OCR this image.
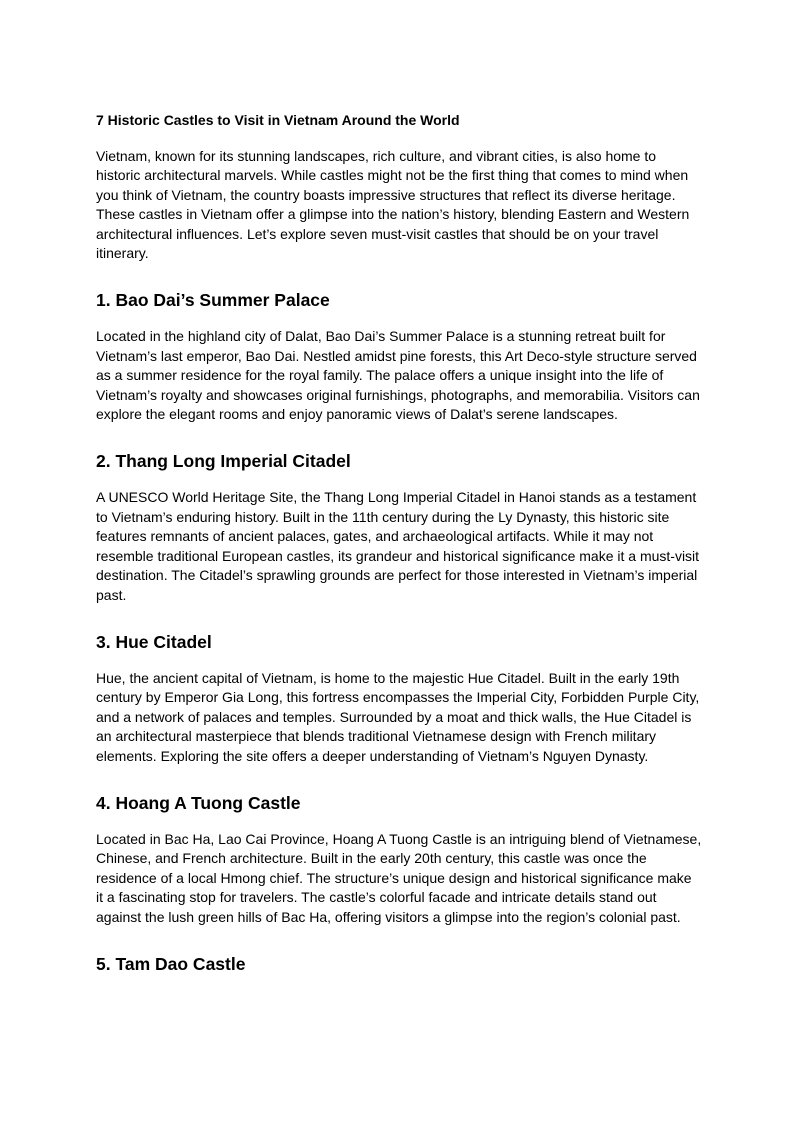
7 Historic Castles to Visit in Vietnam Around the World

Vietnam, known for its stunning landscapes, rich culture, and vibrant cities, is also home to historic architectural marvels. While castles might not be the first thing that comes to mind when you think of Vietnam, the country boasts impressive structures that reflect its diverse heritage. These castles in Vietnam offer a glimpse into the nation’s history, blending Eastern and Western architectural influences. Let’s explore seven must-visit castles that should be on your travel itinerary.

1. Bao Dai’s Summer Palace

Located in the highland city of Dalat, Bao Dai’s Summer Palace is a stunning retreat built for Vietnam’s last emperor, Bao Dai. Nestled amidst pine forests, this Art Deco-style structure served as a summer residence for the royal family. The palace offers a unique insight into the life of Vietnam’s royalty and showcases original furnishings, photographs, and memorabilia. Visitors can explore the elegant rooms and enjoy panoramic views of Dalat’s serene landscapes.

2. Thang Long Imperial Citadel

A UNESCO World Heritage Site, the Thang Long Imperial Citadel in Hanoi stands as a testament to Vietnam’s enduring history. Built in the 11th century during the Ly Dynasty, this historic site features remnants of ancient palaces, gates, and archaeological artifacts. While it may not resemble traditional European castles, its grandeur and historical significance make it a must-visit destination. The Citadel’s sprawling grounds are perfect for those interested in Vietnam’s imperial past.

3. Hue Citadel

Hue, the ancient capital of Vietnam, is home to the majestic Hue Citadel. Built in the early 19th century by Emperor Gia Long, this fortress encompasses the Imperial City, Forbidden Purple City, and a network of palaces and temples. Surrounded by a moat and thick walls, the Hue Citadel is an architectural masterpiece that blends traditional Vietnamese design with French military elements. Exploring the site offers a deeper understanding of Vietnam’s Nguyen Dynasty.

4. Hoang A Tuong Castle

Located in Bac Ha, Lao Cai Province, Hoang A Tuong Castle is an intriguing blend of Vietnamese, Chinese, and French architecture. Built in the early 20th century, this castle was once the residence of a local Hmong chief. The structure’s unique design and historical significance make it a fascinating stop for travelers. The castle’s colorful facade and intricate details stand out against the lush green hills of Bac Ha, offering visitors a glimpse into the region’s colonial past.

5. Tam Dao Castle
